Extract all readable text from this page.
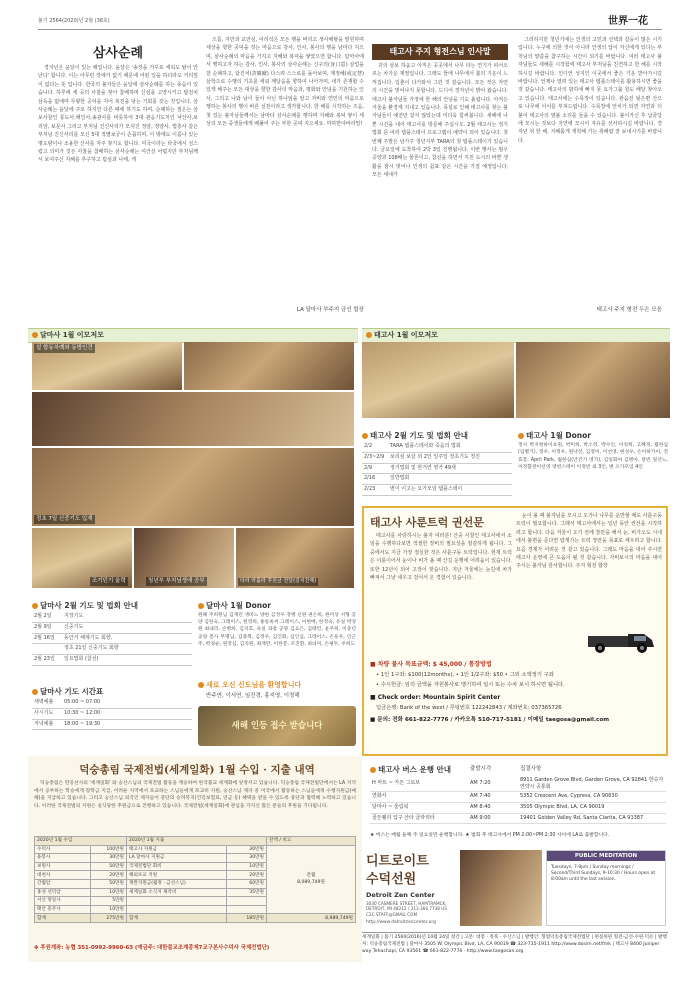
불기 2564(2020)년 2월 (38호)	世界一花
삼사순례

경자년은 윤달이 있는 해입니다. 윤달은 '송장을 거꾸로 세워도 탈이 안 난다' 합니다. 이는 아무런 장애가 없기 때문에 어떤 일을 하더라도 거리낌이 없다는 뜻 입니다. 한국의 불자들은 윤달에 삼사순례를 하는 풍습이 있습니다. 하루에 세 곳의 사찰을 찾아 참배하며 신심을 고양시키고 탑전치 삼독을 없애며 무량한 공덕을 지어 복전을 닦는 기회를 갖는 것입니다. 삼사순례는 윤달에 주로 하지만 다른 때에 하기도 하며, 순례하는 절은는 삼보사찰인 통도사,해인사,송광사를 비롯하여 3대 관음기도처인 낙산사,보리암, 보문사 그리고 부처님 진신사리가 모셔진 정암, 정암사, 법흥사 같은 부처님 진신사리를 모신 5대 적멸보궁이 손꼽히며, 이 밖에도 이름나 있는 명도량이나 조용한 산사를 자주 찾기도 합니다. 미국이라는 타국에서 성스럽고 의미가 깃든 사찰을 참배하는 삼사순례는 여건상 어렵지만 부처님께서 보여주신 지혜를 추구하고 탐심과 나태, 게

으름, 자만과 교만심, 어리석은 모든 행을 버리고 생사해탈을 발원하며 세상을 향한 공덕을 짓는 마음으로 감사, 인사, 봉사의 행을 남마다 지으며, 삼사순례의 마음을 가지고 지혜와 복덕을 쌓았으면 합니다. 탐마사에서 행하고자 하는 감사, 인사, 봉사의 삼사순례는 신구의(身口意) 삼업을 잘 순례하고, 탐진치(貪瞋癡) 다스려 스스로를 돌아보며, 계정혜(戒定慧) 삼학으로 수행의 기초를 세워 깨달음을 향하여 나아가며, 내가 존재할 수 있게 해주는 모든 대상을 향한 감사의 마음과, 평화와 안녕을 기원하는 인사, 그리고 나와 남이 둘이 아닌 하나임을 알고 자비와 연민의 마음으로 행하는 봉사의 행이 바른 실천이라고 생각합니다. 한 해를 시작하는 즈음, 첫 있는 불자님들께서는 남마다 삼사순례를 행하며 지혜와 복덕 쌓이 세상의 모든 중생들에게 베풀어 주는 부한 공덕 지으세요. 마하반야바라밀!

LA 달마사 부주지 금선 합장
태고사 주지 형전스님 인사말

귀의 삼보 하옵고 아직은 곳곳에서 나무 타는 연기가 피어오르는 차가운 계절입니다. 그래도 뜰에 나무에서 봄의 기운이 느껴집니다. 입춘이 다가와서 그런 것 같습니다. 모든 것은 자연의 시간을 벗어나지 못합니다. 드디어 경자년이 밝아 왔습니다. 태고사 불자님들 가정에 한 해의 안녕을 기도 올립니다. 아직은 겨울을 환경계 지내고 있습니다. 폭설로 인해 태고사를 찾는 불자님들이 예전만 같지 않았는데 미더욱 힘써봅니다. 새해에 나쁜 시간을 내어 태고사를 방문해 주십시오. 2월 태고사는 정기법회 문 여러 템플스테이 프로그램이 예약이 되어 있습니다. 첫 번째 주말은 남가주 청년지부 TARA의 첫 템플스테이가 있습니다. 금요일에 도착하여 2박 3일 진행됩니다. 이번 행사는 범우 공양과 108배는 물론이고, 참선을 하면서 지친 도시의 바쁜 생활을 잠시 벗어나 인생의 쉼표 같은 시간을 가질 예정입니다. 모든 세대가

그러하지만 청년기에는 인생의 고민과 선택과 갈등이 많은 시기입니다. 누구에 의한 것이 아니라 인생의 답이 자신에게 있다는 부처님의 말씀을 참구하는 시간이 되기를 바랍니다. 여러 태고사 불자님들도 새해를 시작함에 태고사 부처님을 친견하고 한 해를 시작하시길 바랍니다. 인디언 성지인 이곳에서 좋은 기운 받아가시길 바랍니다. 언제나 열려 있는 태고사 템플스테이를 활용하시면 좋을 것 같습니다. 태고사의 밤하에 빠지 못 요가그룹 원도 배달 찾아오고 있습니다. 태고사에는 수목장이 있습니다. 관음전 뒷은편 산으로 나무에 이어를 부쳐드립니다. 수목장에 안치가 되면 자연과 더불어 태고사의 염불 소리를 들을 수 있습니다. 불이가신 후 납골당에 모시는 것보다 자연에 모시어 자유를 선사하시길 바랍니다. 경자년 쥐 한 해, 지혜롭게 개척해 가는 취해랍 잘 보내시기를 바랍니다.

태고사 주지 형전 두손 모음
달마사 1월 이모저모
설 합동차례와 동방인견
정초 7일 신중기도 입재
조기던기 울력	청년부 부처님생애 공부	타라 라훌라 후원금 전달(김치찬례)
태고사 1월 이모저모
태고사 2월 기도 및 법회 안내
2/2	TARA 템플스테이와 죽음의 법회
2/3~2/9	보리심 보살 외 2인 일주일 정초기도 정진
2/9	정기법회 및 한거연 영가 49재
2/16	일반법회
2/23	변이 이고는 요가모임 템플스테이
태고사 1월 Donor
정사 박지현하이초원, 박미희, 박소영, 박수인, 이성희, 고혜경, 월한심(임별기), 정우, 이정우, 원낙선, 김정미, 이선영, 현성우, 손이하카이, 전효봉, April Park, 월한심(안건기 영가), 김일화씨 김명아, 달빈 밀선느, 이정함관이선영 영빈스테이 이정빈 외 3인, 변 오가모임 4인
태고사 사룬트럭 권선문

태고사를 사랑하시는 불자 여러분! 산중 사찰인 태고사에서 소임을 수행하다보면 적절한 장비의 필요성을 절감하게 됩니다. 그중에서도 지금 가장 절실한 것은 사륜구동 트럭입니다. 현재 트럭은 이륜이어서 눈이나 비가 올 때 산길 운행에 어려움이 있습니다. 또한 12년이 되어 고장이 잦습니다. 지난 겨울에는 눈길에 차가 빠져서 그냥 세우고 걸어서 온 경험이 있습니다.

눈이 올 때 불자님을 모시고 오거나 나무를 운반할 때도 사륜구동 트럭이 필요합니다. 그래서 태고사에서는 일년 동안 권선을 시작하려고 합니다. 다음 겨울이 오기 전에 장만을 해서 눈, 비가오도 시내에서 불편을 준다면 탑재가는 트럭 장만을 목표로 세우려고 합니다. 요즘 경제가 어려운 것 같고 있습니다. 그래도 마음을 내어 주시면 태고사 운영에 큰 도움이 될 것 같습니다. 자비보시의 마음을 내어주시는 불자님 감사합니다. 주지 형전 합장

■ 차량 불사 목표금액: $ 45,000 / 통장방법
• 1인 1구좌: $100(12months), • 1인 1/2구좌: $50 • 그외 소액정기 구좌
• 수시헌금: 임의 금액을 자원봉사로 맹기하여 일시 또는 수차 보시 하시면 됩니다.
■ Check order: Mountain Spirit Center
입금은행: Bank of the west / 루팅번호 122242843 / 계좌번호: 037365726
■ 문의: 전화 661-822-7776 / 카카오톡 510-717-5181 / 이메일 taegosa@gmail.com
달마사 2월 기도 및 법회 안내
2월 2일	지장기도
2월 9일	신중기도
2월 16일	동안거 해제기도 회향,
	정초 21일 신중기도 회향
2월 23일	일요법회 (참선)
달마사 기도 시간표
새벽예불	05:00 ~ 07:00
사시기도	10:30 ~ 12:00
저녁예불	18:00 ~ 19:30
달마사 1월 Donor
원해 주희원님 김재린 생바느 양한 김정우 정병 신원 권은희, 원미상 서형 공양 김한숙, 그레이스, 원영희, 홍동옥씨 그레이스, 이현애, 한정숙, 유실 박경원 최내리, 손병희, 김지호, 유실 과장 공양 김요은, 김태민, 윤주희, 이중년 공양 봉사 무명님, 김종혁, 김정우, 김인화, 심인심, 그레이스, 손동우, 인근주, 박경순, 원정심, 김지원, 최재란, 이한봉, 조진환, 최녀미, 손평두, 주희도
새로 오신 신도님을 환영합니다
반주연, 이서연, 임진경, 홍지영, 이정해
새해 인등 접수 받습니다
덕숭총림 국제전법(세계일화) 1월 수입 · 지출 내역

덕숭총림은 만공선사의 '세계일화' 와 숭산스님의 국제전법 활동을 계승하여 한국불교 세계화에 앞장서고 있습니다. 덕숭총림 국제전법단에서는 LA 지역에서 공부하는 학승에게 장학금 지급, 어려운 지역에서 포교하는 스님들에게 포교비 지원, 숭산스님 제자 중 미국에서 활동하는 스님들에게 수행지원금(매해)을 지급하고 있습니다. 그리고 숭산스님 외국인 제자들이 중단의 승려복지(건강보험료, 연금 등) 혜택을 받을 수 있도록 중단과 협력해 노력하고 있습니다. 이러한 국제전법의 지원은 실식당한 후원금으로 진행하고 있습니다. 국제전법(세계일화)에 관심을 가지신 많은 분들의 후원을 기다립니다.

2020년 1월 수입		2020년 1월 지출		잔액 / 비고
수덕사	100만원	태고사 지원금	30만원	잔월
8,089,749원
용봉사	30만원	LA 달마사 지원금	30만원	
보원사	50만원	국제전법단 회비	10만원	
대천사	20만원	해외포교 지원	20만원	
간월암	50만원	재완지원금(월정 · 금선스님)	60만원	
홍성 선덕암	10만원	세계일화 소식지 제작비	35만원	
서산 망일사	5만원			
태안 흥주사	10만원			
합계	275만원	합계	185만원	8,989,749원
✤ 후원계좌: 농협 351-0992-9960-63 (예금주: 대한불교조계종제7교구본사수덕사 국제전법단)
태고사 버스 운행 안내	출발시각	집결사항
H 마트 ~ 가든 그로브	AM 7:20	8911 Garden Grove Blvd, Garden Grove, CA 92841 한승자 연약시 공통회
연화사	AM 7:40	5352 Crescent Ave, Cypress, CA 90630
달마사 ~ 울림픽	AM 8:40	3505 Olympic Blvd, LA, CA 90019
골든웰리 입구 산타 클라리타	AM 9:00	19401 Golden Valley Rd, Santa Clarita, CA 91387
★ 버스는 매월 둘째 주 일요일만 운행합니다. ★ 법회 후 태고사에서 PM 2:00~PM 2:30 사이에 LA로 출발합니다.
디트로이트
수덕선원
Detroit Zen Center
3030 CASMERE STREET, HAMTRAMCK, DETROIT, MI 48212 / 313.366.7738 US C2C.STAFF@GMAIL.COM
http://www.detroitzencenter.org
PUBLIC MEDITATION
Tuesdays, 7-9pm / Sunday mornings / Second/Third Sundays, 9-10:30 / Hours open at 8:00am until the last session.
세계일화 | 불기 2560(2016)년 10월 24일 창간 | 고문: 대봉 · 정묵 · 수산스님 | 발행인: 형범덕송총림국제전법단 | 편집위원 형전·금선·수원·덕유 | 발행처: 덕숭총림국제전법 | 달마사 3505 W. Olympic Blvd, LA, CA 90019 ☎ 323-735-1911 http://www.dosim.net/fmk | 태고사 8400 Juniper way Tehachapi, CA 93561 ☎ 661-822-7776 · http://www.taegosan.org
